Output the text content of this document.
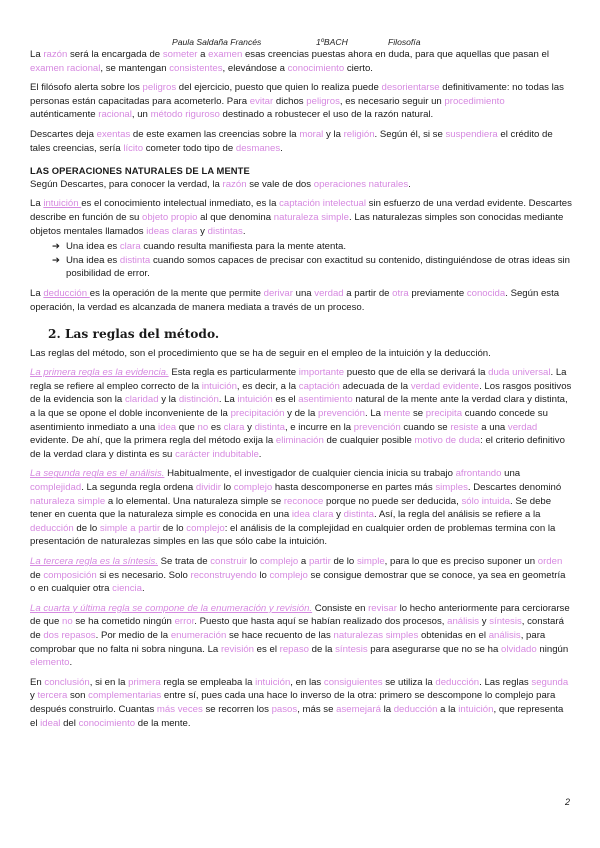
Paula Saldaña Francés	1ºBACH	Filosofía

La razón será la encargada de someter a examen esas creencias puestas ahora en duda, para que aquellas que pasan el examen racional, se mantengan consistentes, elevándose a conocimiento cierto.

El filósofo alerta sobre los peligros del ejercicio, puesto que quien lo realiza puede desorientarse definitivamente: no todas las personas están capacitadas para acometerlo. Para evitar dichos peligros, es necesario seguir un procedimiento auténticamente racional, un método riguroso destinado a robustecer el uso de la razón natural.

Descartes deja exentas de este examen las creencias sobre la moral y la religión. Según él, si se suspendiera el crédito de tales creencias, sería lícito cometer todo tipo de desmanes.

LAS OPERACIONES NATURALES DE LA MENTE

Según Descartes, para conocer la verdad, la razón se vale de dos operaciones naturales.

La intuición es el conocimiento intelectual inmediato, es la captación intelectual sin esfuerzo de una verdad evidente. Descartes describe en función de su objeto propio al que denomina naturaleza simple. Las naturalezas simples son conocidas mediante objetos mentales llamados ideas claras y distintas.

➔ Una idea es clara cuando resulta manifiesta para la mente atenta.
➔ Una idea es distinta cuando somos capaces de precisar con exactitud su contenido, distinguiéndose de otras ideas sin posibilidad de error.

La deducción es la operación de la mente que permite derivar una verdad a partir de otra previamente conocida. Según esta operación, la verdad es alcanzada de manera mediata a través de un proceso.

2. Las reglas del método.

Las reglas del método, son el procedimiento que se ha de seguir en el empleo de la intuición y la deducción.

La primera regla es la evidencia. Esta regla es particularmente importante puesto que de ella se derivará la duda universal. La regla se refiere al empleo correcto de la intuición, es decir, a la captación adecuada de la verdad evidente. Los rasgos positivos de la evidencia son la claridad y la distinción. La intuición es el asentimiento natural de la mente ante la verdad clara y distinta, a la que se opone el doble inconveniente de la precipitación y de la prevención. La mente se precipita cuando concede su asentimiento inmediato a una idea que no es clara y distinta, e incurre en la prevención cuando se resiste a una verdad evidente. De ahí, que la primera regla del método exija la eliminación de cualquier posible motivo de duda: el criterio definitivo de la verdad clara y distinta es su carácter indubitable.

La segunda regla es el análisis. Habitualmente, el investigador de cualquier ciencia inicia su trabajo afrontando una complejidad. La segunda regla ordena dividir lo complejo hasta descomponerse en partes más simples. Descartes denominó naturaleza simple a lo elemental. Una naturaleza simple se reconoce porque no puede ser deducida, sólo intuida. Se debe tener en cuenta que la naturaleza simple es conocida en una idea clara y distinta. Así, la regla del análisis se refiere a la deducción de lo simple a partir de lo complejo: el análisis de la complejidad en cualquier orden de problemas termina con la presentación de naturalezas simples en las que sólo cabe la intuición.

La tercera regla es la síntesis. Se trata de construir lo complejo a partir de lo simple, para lo que es preciso suponer un orden de composición si es necesario. Solo reconstruyendo lo complejo se consigue demostrar que se conoce, ya sea en geometría o en cualquier otra ciencia.

La cuarta y última regla se compone de la enumeración y revisión. Consiste en revisar lo hecho anteriormente para cerciorarse de que no se ha cometido ningún error. Puesto que hasta aquí se habían realizado dos procesos, análisis y síntesis, constará de dos repasos. Por medio de la enumeración se hace recuento de las naturalezas simples obtenidas en el análisis, para comprobar que no falta ni sobra ninguna. La revisión es el repaso de la síntesis para asegurarse que no se ha olvidado ningún elemento.

En conclusión, si en la primera regla se empleaba la intuición, en las consiguientes se utiliza la deducción. Las reglas segunda y tercera son complementarias entre sí, pues cada una hace lo inverso de la otra: primero se descompone lo complejo para después construirlo. Cuantas más veces se recorren los pasos, más se asemejará la deducción a la intuición, que representa el ideal del conocimiento de la mente.

2
